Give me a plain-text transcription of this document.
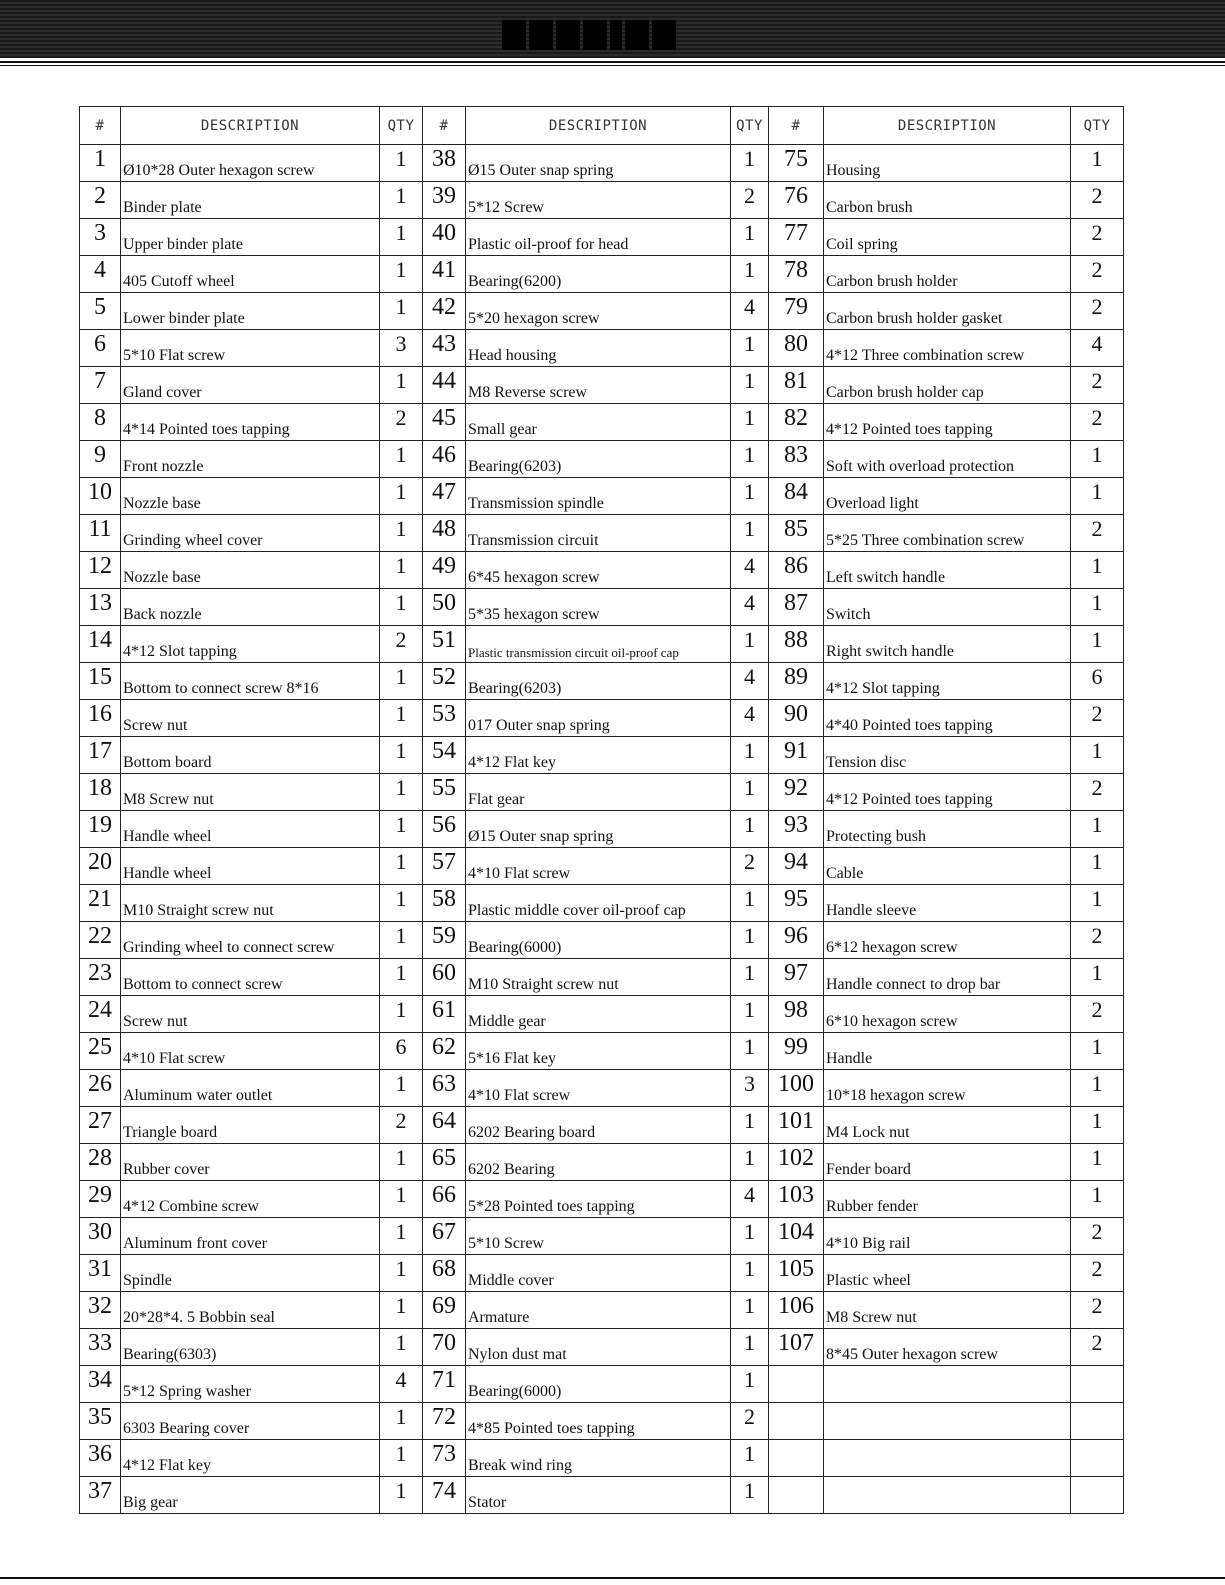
#	DESCRIPTION	QTY	#	DESCRIPTION	QTY	#	DESCRIPTION	QTY
1	Ø10*28 Outer hexagon screw	1	38	Ø15 Outer snap spring	1	75	Housing	1
2	Binder plate	1	39	5*12 Screw	2	76	Carbon brush	2
3	Upper binder plate	1	40	Plastic oil-proof for head	1	77	Coil spring	2
4	405 Cutoff wheel	1	41	Bearing(6200)	1	78	Carbon brush holder	2
5	Lower binder plate	1	42	5*20 hexagon screw	4	79	Carbon brush holder gasket	2
6	5*10 Flat screw	3	43	Head housing	1	80	4*12 Three combination screw	4
7	Gland cover	1	44	M8 Reverse screw	1	81	Carbon brush holder cap	2
8	4*14 Pointed toes tapping	2	45	Small gear	1	82	4*12 Pointed toes tapping	2
9	Front nozzle	1	46	Bearing(6203)	1	83	Soft with overload protection	1
10	Nozzle base	1	47	Transmission spindle	1	84	Overload light	1
11	Grinding wheel cover	1	48	Transmission circuit	1	85	5*25 Three combination screw	2
12	Nozzle base	1	49	6*45 hexagon screw	4	86	Left switch handle	1
13	Back nozzle	1	50	5*35 hexagon screw	4	87	Switch	1
14	4*12 Slot tapping	2	51	Plastic transmission circuit oil-proof cap	1	88	Right switch handle	1
15	Bottom to connect screw 8*16	1	52	Bearing(6203)	4	89	4*12 Slot tapping	6
16	Screw nut	1	53	017 Outer snap spring	4	90	4*40 Pointed toes tapping	2
17	Bottom board	1	54	4*12 Flat key	1	91	Tension disc	1
18	M8 Screw nut	1	55	Flat gear	1	92	4*12 Pointed toes tapping	2
19	Handle wheel	1	56	Ø15 Outer snap spring	1	93	Protecting bush	1
20	Handle wheel	1	57	4*10 Flat screw	2	94	Cable	1
21	M10 Straight screw nut	1	58	Plastic middle cover oil-proof cap	1	95	Handle sleeve	1
22	Grinding wheel to connect screw	1	59	Bearing(6000)	1	96	6*12 hexagon screw	2
23	Bottom to connect screw	1	60	M10 Straight screw nut	1	97	Handle connect to drop bar	1
24	Screw nut	1	61	Middle gear	1	98	6*10 hexagon screw	2
25	4*10 Flat screw	6	62	5*16 Flat key	1	99	Handle	1
26	Aluminum water outlet	1	63	4*10 Flat screw	3	100	10*18 hexagon screw	1
27	Triangle board	2	64	6202 Bearing board	1	101	M4 Lock nut	1
28	Rubber cover	1	65	6202 Bearing	1	102	Fender board	1
29	4*12 Combine screw	1	66	5*28 Pointed toes tapping	4	103	Rubber fender	1
30	Aluminum front cover	1	67	5*10 Screw	1	104	4*10 Big rail	2
31	Spindle	1	68	Middle cover	1	105	Plastic wheel	2
32	20*28*4. 5 Bobbin seal	1	69	Armature	1	106	M8 Screw nut	2
33	Bearing(6303)	1	70	Nylon dust mat	1	107	8*45 Outer hexagon screw	2
34	5*12 Spring washer	4	71	Bearing(6000)	1			
35	6303 Bearing cover	1	72	4*85 Pointed toes tapping	2			
36	4*12 Flat key	1	73	Break wind ring	1			
37	Big gear	1	74	Stator	1			
